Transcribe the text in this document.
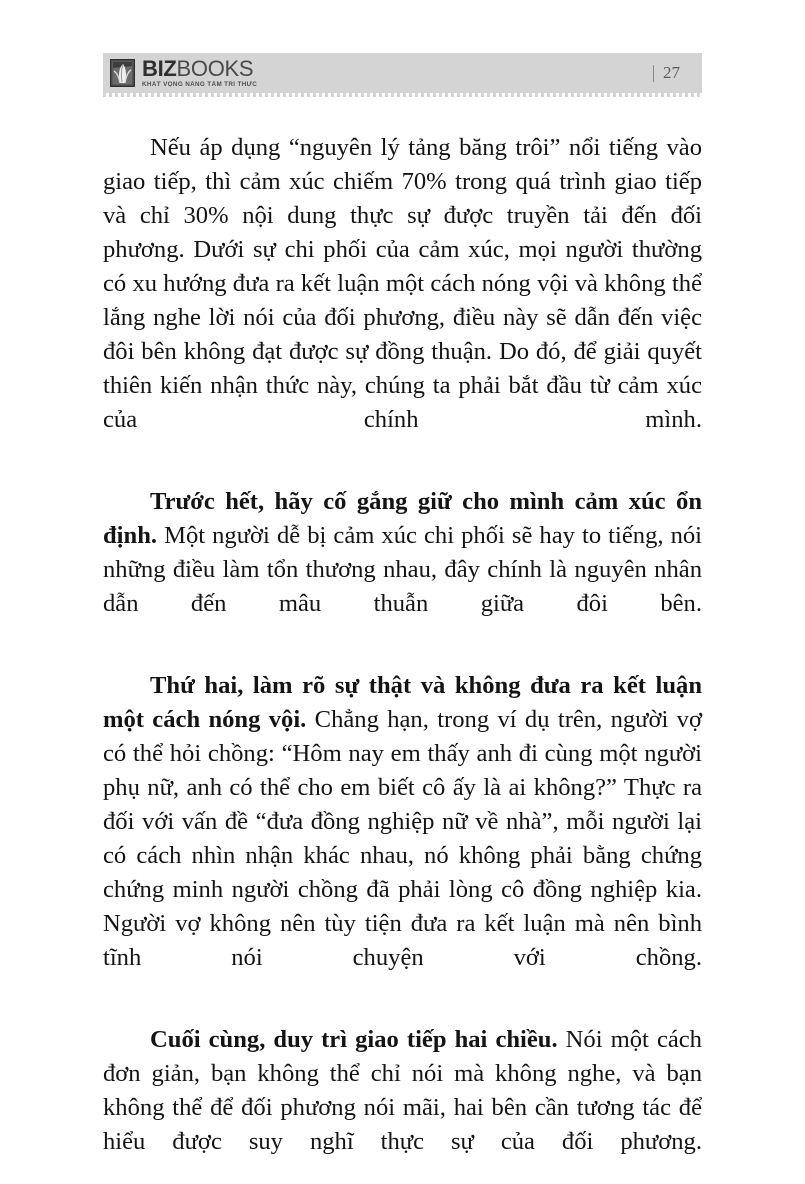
BIZBOOKS
KHÁT VỌNG NÂNG TẦM TRI THỨC
27

Nếu áp dụng “nguyên lý tảng băng trôi” nổi tiếng vào giao tiếp, thì cảm xúc chiếm 70% trong quá trình giao tiếp và chỉ 30% nội dung thực sự được truyền tải đến đối phương. Dưới sự chi phối của cảm xúc, mọi người thường có xu hướng đưa ra kết luận một cách nóng vội và không thể lắng nghe lời nói của đối phương, điều này sẽ dẫn đến việc đôi bên không đạt được sự đồng thuận. Do đó, để giải quyết thiên kiến nhận thức này, chúng ta phải bắt đầu từ cảm xúc của chính mình.

Trước hết, hãy cố gắng giữ cho mình cảm xúc ổn định. Một người dễ bị cảm xúc chi phối sẽ hay to tiếng, nói những điều làm tổn thương nhau, đây chính là nguyên nhân dẫn đến mâu thuẫn giữa đôi bên.

Thứ hai, làm rõ sự thật và không đưa ra kết luận một cách nóng vội. Chẳng hạn, trong ví dụ trên, người vợ có thể hỏi chồng: “Hôm nay em thấy anh đi cùng một người phụ nữ, anh có thể cho em biết cô ấy là ai không?” Thực ra đối với vấn đề “đưa đồng nghiệp nữ về nhà”, mỗi người lại có cách nhìn nhận khác nhau, nó không phải bằng chứng chứng minh người chồng đã phải lòng cô đồng nghiệp kia. Người vợ không nên tùy tiện đưa ra kết luận mà nên bình tĩnh nói chuyện với chồng.

Cuối cùng, duy trì giao tiếp hai chiều. Nói một cách đơn giản, bạn không thể chỉ nói mà không nghe, và bạn không thể để đối phương nói mãi, hai bên cần tương tác để hiểu được suy nghĩ thực sự của đối phương.
